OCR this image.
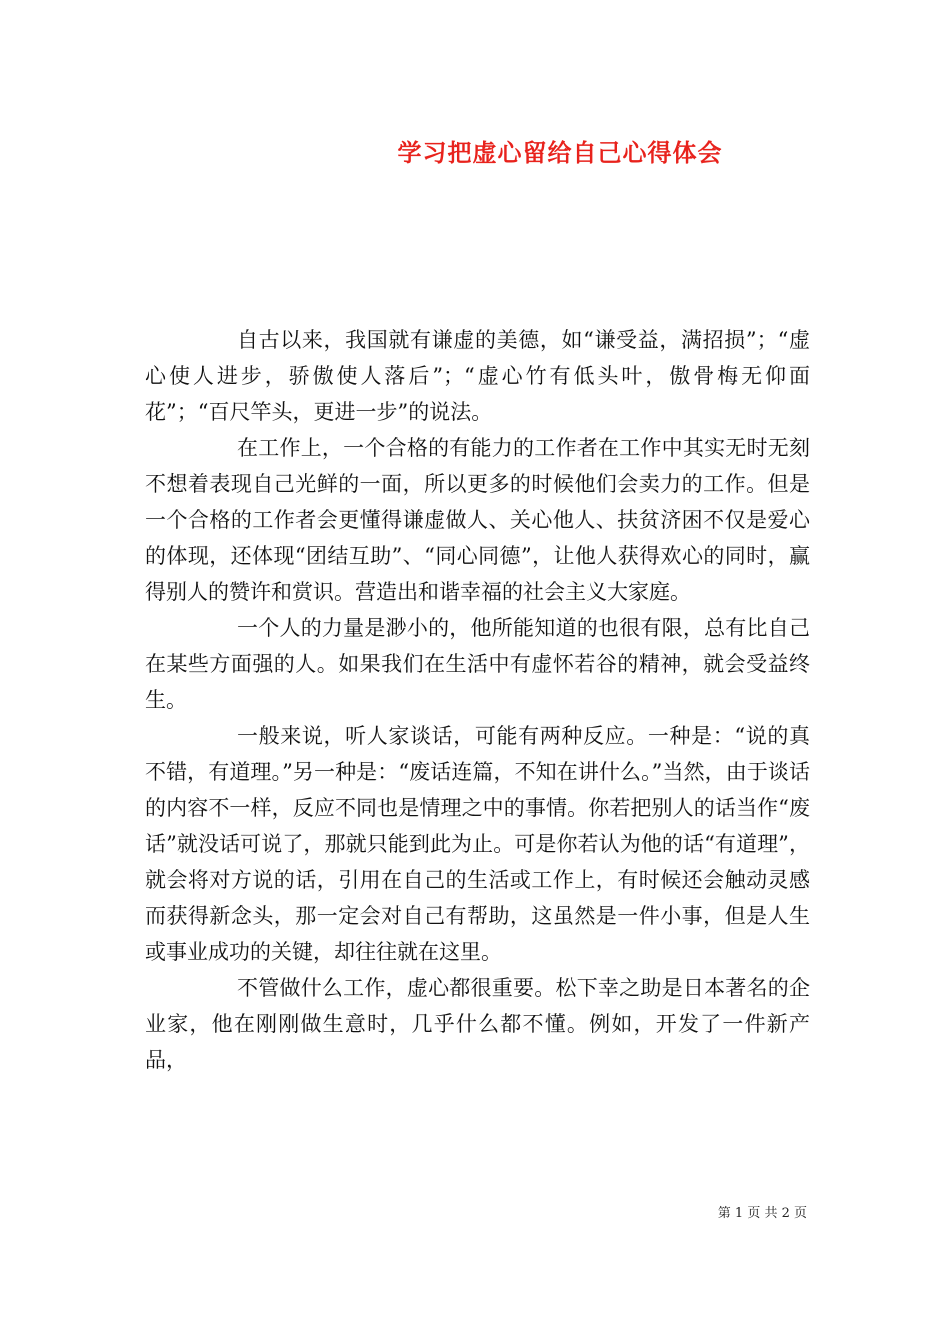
学习把虚心留给自己心得体会

自古以来，我国就有谦虚的美德，如“谦受益，满招损”；“虚心使人进步，骄傲使人落后”；“虚心竹有低头叶，傲骨梅无仰面花”；“百尺竿头，更进一步”的说法。

在工作上，一个合格的有能力的工作者在工作中其实无时无刻不想着表现自己光鲜的一面，所以更多的时候他们会卖力的工作。但是一个合格的工作者会更懂得谦虚做人、关心他人、扶贫济困不仅是爱心的体现，还体现“团结互助”、“同心同德”，让他人获得欢心的同时，赢得别人的赞许和赏识。营造出和谐幸福的社会主义大家庭。

一个人的力量是渺小的，他所能知道的也很有限，总有比自己在某些方面强的人。如果我们在生活中有虚怀若谷的精神，就会受益终生。

一般来说，听人家谈话，可能有两种反应。一种是：“说的真不错，有道理。”另一种是：“废话连篇，不知在讲什么。”当然，由于谈话的内容不一样，反应不同也是情理之中的事情。你若把别人的话当作“废话”就没话可说了，那就只能到此为止。可是你若认为他的话“有道理”，就会将对方说的话，引用在自己的生活或工作上，有时候还会触动灵感而获得新念头，那一定会对自己有帮助，这虽然是一件小事，但是人生或事业成功的关键，却往往就在这里。

不管做什么工作，虚心都很重要。松下幸之助是日本著名的企业家，他在刚刚做生意时，几乎什么都不懂。例如，开发了一件新产品，

第 1 页 共 2 页
